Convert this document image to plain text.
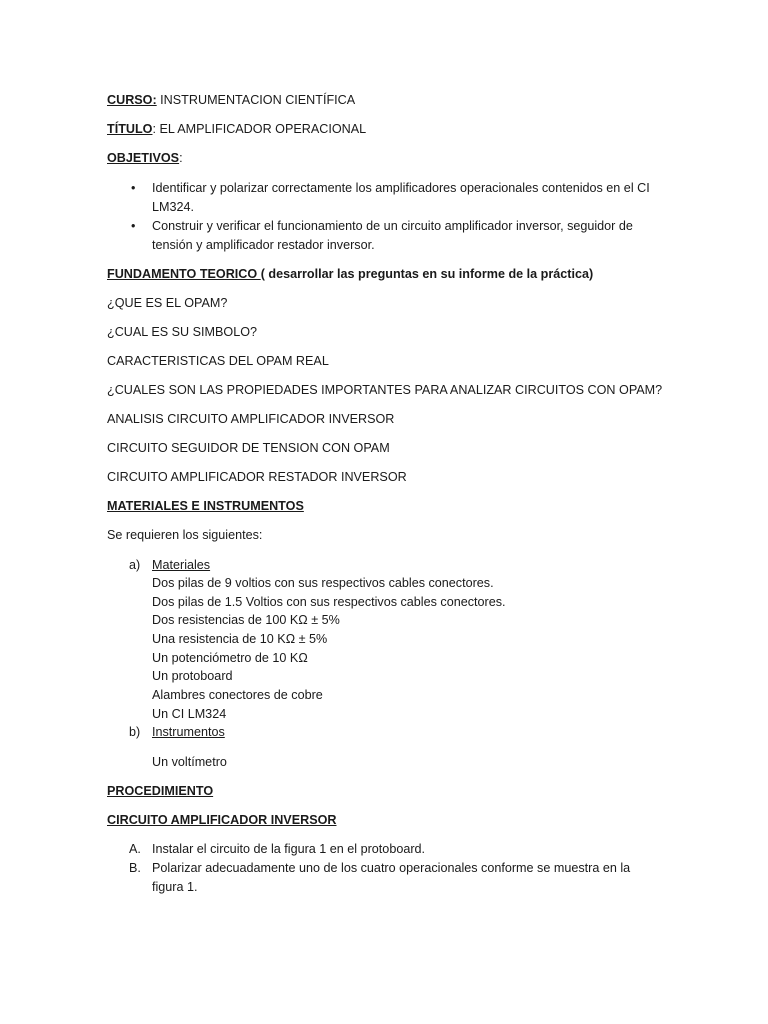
CURSO: INSTRUMENTACION CIENTÍFICA

TÍTULO: EL AMPLIFICADOR OPERACIONAL

OBJETIVOS:

• Identificar y polarizar correctamente los amplificadores operacionales contenidos en el CI LM324.
• Construir y verificar el funcionamiento de un circuito amplificador inversor, seguidor de tensión y amplificador restador inversor.

FUNDAMENTO TEORICO ( desarrollar las preguntas en su informe de la práctica)

¿QUE ES EL OPAM?

¿CUAL ES SU SIMBOLO?

CARACTERISTICAS DEL OPAM REAL

¿CUALES SON LAS PROPIEDADES IMPORTANTES PARA ANALIZAR CIRCUITOS CON OPAM?

ANALISIS CIRCUITO AMPLIFICADOR INVERSOR

CIRCUITO SEGUIDOR DE TENSION CON OPAM

CIRCUITO AMPLIFICADOR RESTADOR INVERSOR

MATERIALES E INSTRUMENTOS

Se requieren los siguientes:

a) Materiales
Dos pilas de 9 voltios con sus respectivos cables conectores.
Dos pilas de 1.5 Voltios con sus respectivos cables conectores.
Dos resistencias de 100 KΩ ± 5%
Una resistencia de 10 KΩ ± 5%
Un potenciómetro de 10 KΩ
Un protoboard
Alambres conectores de cobre
Un CI LM324
b) Instrumentos
Un voltímetro

PROCEDIMIENTO

CIRCUITO AMPLIFICADOR INVERSOR

A. Instalar el circuito de la figura 1 en el protoboard.
B. Polarizar adecuadamente uno de los cuatro operacionales conforme se muestra en la figura 1.
